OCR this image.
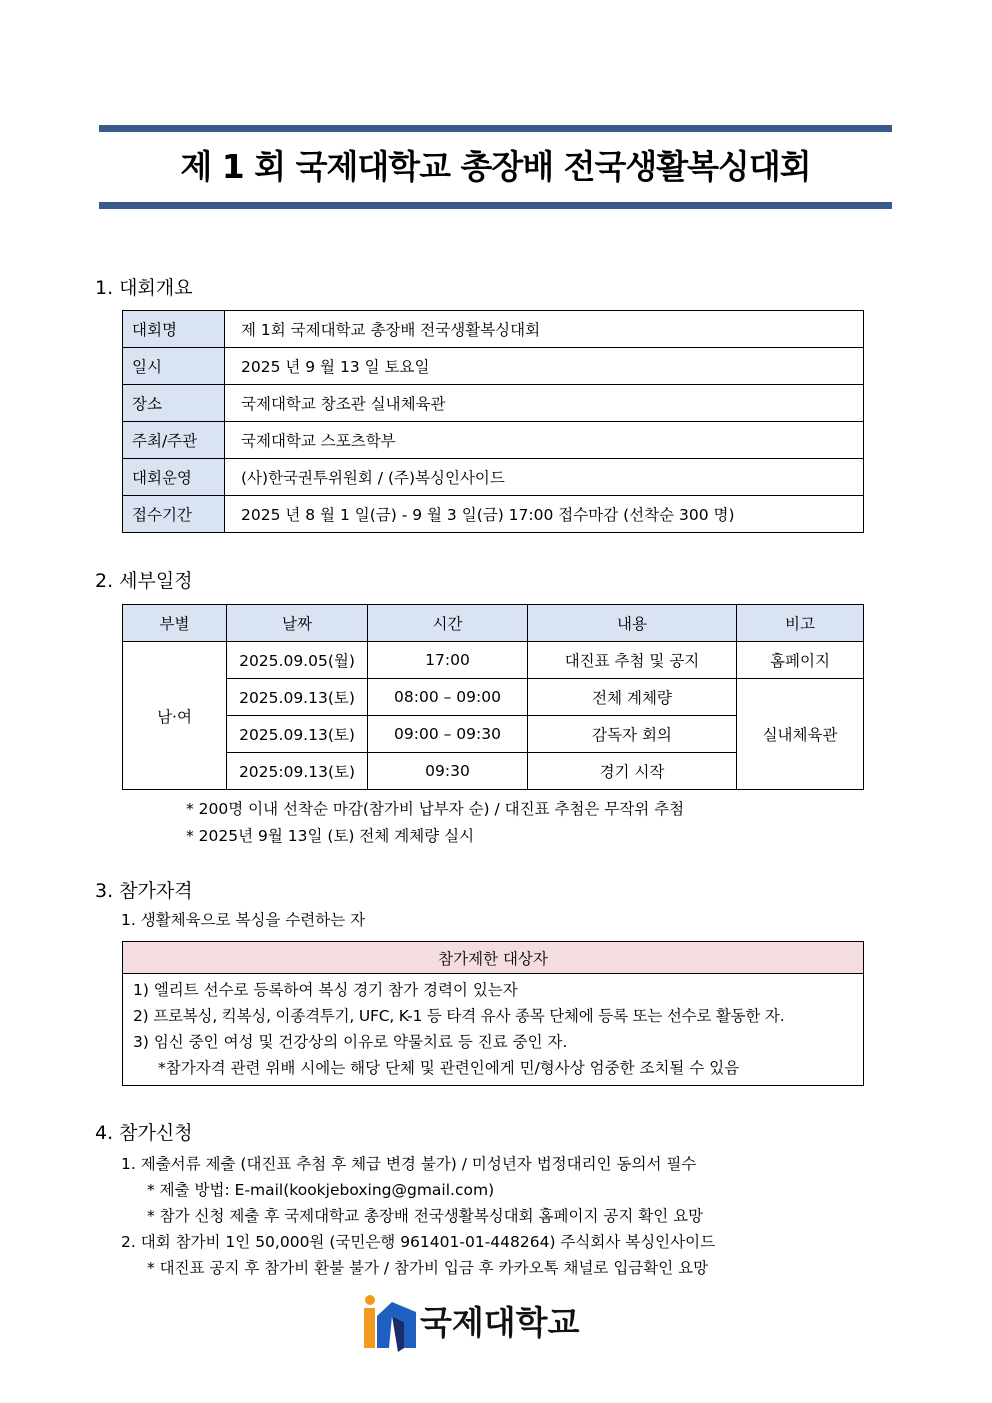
제 1 회 국제대학교 총장배 전국생활복싱대회
1. 대회개요
대회명	제 1회 국제대학교 총장배 전국생활복싱대회
일시	2025 년 9 월 13 일 토요일
장소	국제대학교 창조관 실내체육관
주최/주관	국제대학교 스포츠학부
대회운영	(사)한국권투위원회 / (주)복싱인사이드
접수기간	2025 년 8 월 1 일(금) - 9 월 3 일(금) 17:00 접수마감 (선착순 300 명)
2. 세부일정
부별	날짜	시간	내용	비고
남·여	2025.09.05(월)	17:00	대진표 추첨 및 공지	홈페이지
	2025.09.13(토)	08:00 – 09:00	전체 계체량	실내체육관
	2025.09.13(토)	09:00 – 09:30	감독자 회의	
	2025:09.13(토)	09:30	경기 시작	
* 200명 이내 선착순 마감(참가비 납부자 순) / 대진표 추첨은 무작위 추첨
* 2025년 9월 13일 (토) 전체 계체량 실시
3. 참가자격
1. 생활체육으로 복싱을 수련하는 자
참가제한 대상자

1) 엘리트 선수로 등록하여 복싱 경기 참가 경력이 있는자
2) 프로복싱, 킥복싱, 이종격투기, UFC, K-1 등 타격 유사 종목 단체에 등록 또는 선수로 활동한 자.
3) 임신 중인 여성 및 건강상의 이유로 약물치료 등 진료 중인 자.
*참가자격 관련 위배 시에는 해당 단체 및 관련인에게 민/형사상 엄중한 조치될 수 있음
4. 참가신청
1. 제출서류 제출 (대진표 추첨 후 체급 변경 불가) / 미성년자 법정대리인 동의서 필수
* 제출 방법: E-mail(kookjeboxing@gmail.com)
* 참가 신청 제출 후 국제대학교 총장배 전국생활복싱대회 홈페이지 공지 확인 요망
2. 대회 참가비 1인 50,000원 (국민은행 961401-01-448264) 주식회사 복싱인사이드
* 대진표 공지 후 참가비 환불 불가 / 참가비 입금 후 카카오톡 채널로 입금확인 요망
국제대학교
